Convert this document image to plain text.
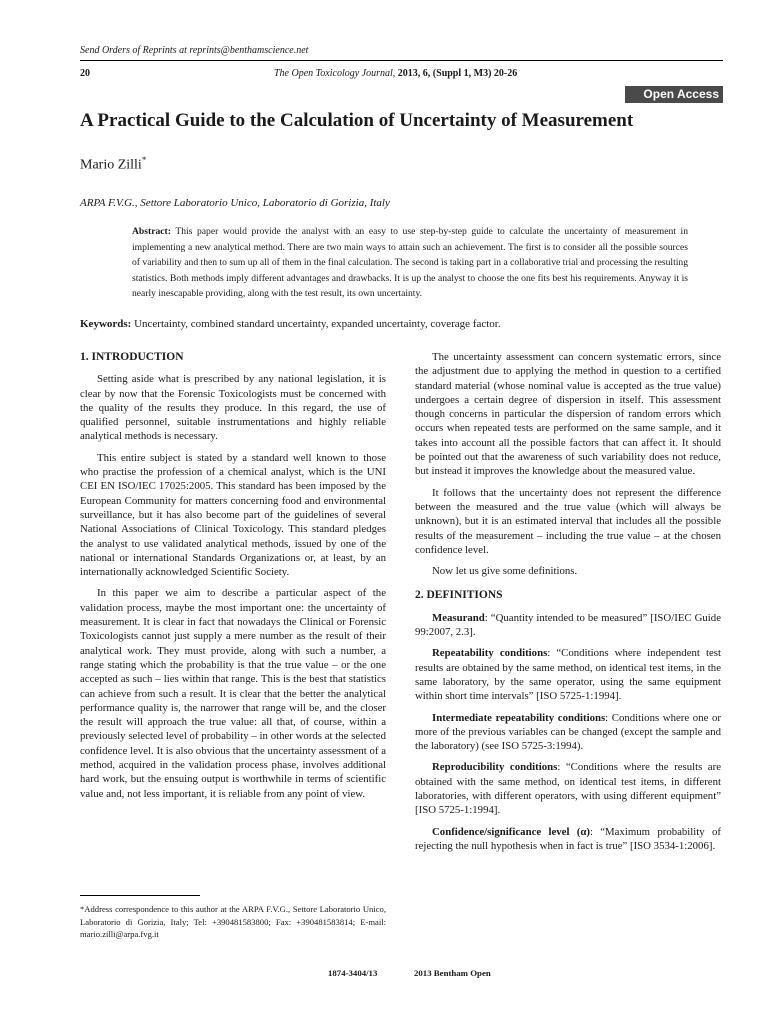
Send Orders of Reprints at reprints@benthamscience.net
20	The Open Toxicology Journal, 2013, 6, (Suppl 1, M3) 20-26
Open Access
A Practical Guide to the Calculation of Uncertainty of Measurement
Mario Zilli*
ARPA F.V.G., Settore Laboratorio Unico, Laboratorio di Gorizia, Italy
Abstract: This paper would provide the analyst with an easy to use step-by-step guide to calculate the uncertainty of measurement in implementing a new analytical method. There are two main ways to attain such an achievement. The first is to consider all the possible sources of variability and then to sum up all of them in the final calculation. The second is taking part in a collaborative trial and processing the resulting statistics. Both methods imply different advantages and drawbacks. It is up the analyst to choose the one fits best his requirements. Anyway it is nearly inescapable providing, along with the test result, its own uncertainty.
Keywords: Uncertainty, combined standard uncertainty, expanded uncertainty, coverage factor.
1. INTRODUCTION

Setting aside what is prescribed by any national legislation, it is clear by now that the Forensic Toxicologists must be concerned with the quality of the results they produce. In this regard, the use of qualified personnel, suitable instrumentations and highly reliable analytical methods is necessary.

This entire subject is stated by a standard well known to those who practise the profession of a chemical analyst, which is the UNI CEI EN ISO/IEC 17025:2005. This standard has been imposed by the European Community for matters concerning food and environmental surveillance, but it has also become part of the guidelines of several National Associations of Clinical Toxicology. This standard pledges the analyst to use validated analytical methods, issued by one of the national or international Standards Organizations or, at least, by an internationally acknowledged Scientific Society.

In this paper we aim to describe a particular aspect of the validation process, maybe the most important one: the uncertainty of measurement. It is clear in fact that nowadays the Clinical or Forensic Toxicologists cannot just supply a mere number as the result of their analytical work. They must provide, along with such a number, a range stating which the probability is that the true value – or the one accepted as such – lies within that range. This is the best that statistics can achieve from such a result. It is clear that the better the analytical performance quality is, the narrower that range will be, and the closer the result will approach the true value: all that, of course, within a previously selected level of probability – in other words at the selected confidence level. It is also obvious that the uncertainty assessment of a method, acquired in the validation process phase, involves additional hard work, but the ensuing output is worthwhile in terms of scientific value and, not less important, it is reliable from any point of view.

The uncertainty assessment can concern systematic errors, since the adjustment due to applying the method in question to a certified standard material (whose nominal value is accepted as the true value) undergoes a certain degree of dispersion in itself. This assessment though concerns in particular the dispersion of random errors which occurs when repeated tests are performed on the same sample, and it takes into account all the possible factors that can affect it. It should be pointed out that the awareness of such variability does not reduce, but instead it improves the knowledge about the measured value.

It follows that the uncertainty does not represent the difference between the measured and the true value (which will always be unknown), but it is an estimated interval that includes all the possible results of the measurement – including the true value – at the chosen confidence level.

Now let us give some definitions.

2. DEFINITIONS

Measurand: “Quantity intended to be measured” [ISO/IEC Guide 99:2007, 2.3].

Repeatability conditions: “Conditions where independent test results are obtained by the same method, on identical test items, in the same laboratory, by the same operator, using the same equipment within short time intervals” [ISO 5725-1:1994].

Intermediate repeatability conditions: Conditions where one or more of the previous variables can be changed (except the sample and the laboratory) (see ISO 5725-3:1994).

Reproducibility conditions: “Conditions where the results are obtained with the same method, on identical test items, in different laboratories, with different operators, with using different equipment” [ISO 5725-1:1994].

Confidence/significance level (α): “Maximum probability of rejecting the null hypothesis when in fact is true” [ISO 3534-1:2006].

*Address correspondence to this author at the ARPA F.V.G., Settore Laboratorio Unico, Laboratorio di Gorizia, Italy; Tel: +390481583800; Fax: +390481583814; E-mail: mario.zilli@arpa.fvg.it
1874-3404/13	2013 Bentham Open
